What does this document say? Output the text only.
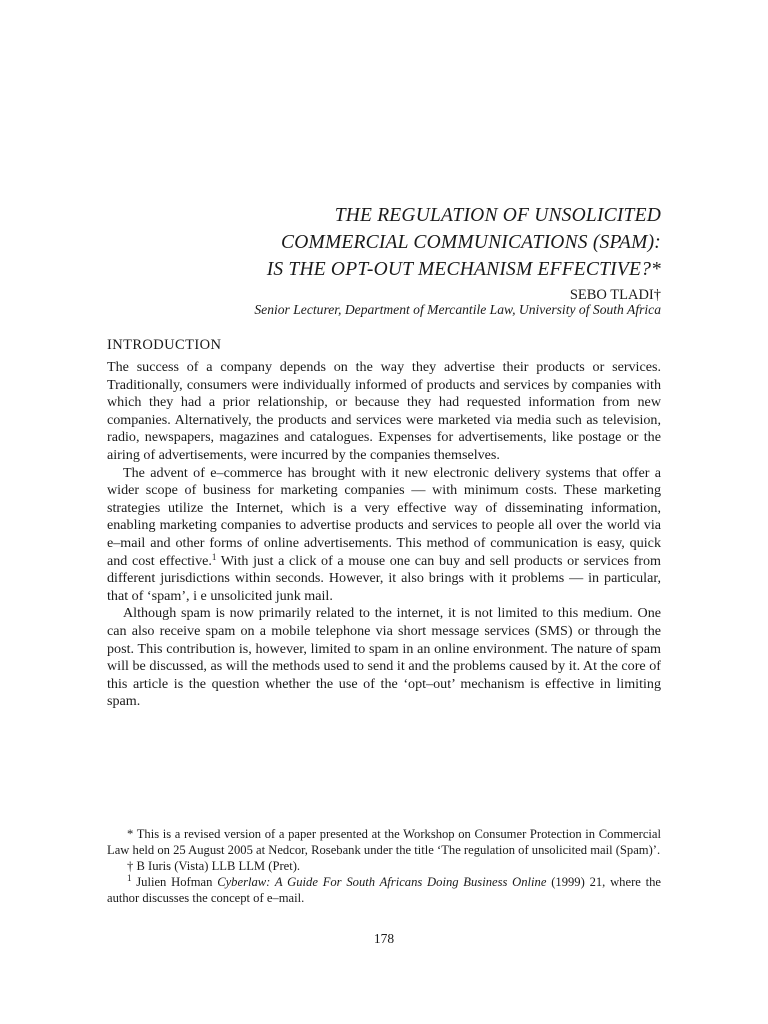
THE REGULATION OF UNSOLICITED
COMMERCIAL COMMUNICATIONS (SPAM):
IS THE OPT-OUT MECHANISM EFFECTIVE?*
SEBO TLADI†
Senior Lecturer, Department of Mercantile Law, University of South Africa
INTRODUCTION

The success of a company depends on the way they advertise their products or services. Traditionally, consumers were individually informed of products and services by companies with which they had a prior relationship, or because they had requested information from new companies. Alternatively, the products and services were marketed via media such as television, radio, newspapers, magazines and catalogues. Expenses for advertisements, like postage or the airing of advertisements, were incurred by the companies themselves.

The advent of e–commerce has brought with it new electronic delivery systems that offer a wider scope of business for marketing companies — with minimum costs. These marketing strategies utilize the Internet, which is a very effective way of disseminating information, enabling marketing companies to advertise products and services to people all over the world via e–mail and other forms of online advertisements. This method of communication is easy, quick and cost effective.$^1$ With just a click of a mouse one can buy and sell products or services from different jurisdictions within seconds. However, it also brings with it problems — in particular, that of ‘spam’, i e unsolicited junk mail.

Although spam is now primarily related to the internet, it is not limited to this medium. One can also receive spam on a mobile telephone via short message services (SMS) or through the post. This contribution is, however, limited to spam in an online environment. The nature of spam will be discussed, as will the methods used to send it and the problems caused by it. At the core of this article is the question whether the use of the ‘opt–out’ mechanism is effective in limiting spam.

* This is a revised version of a paper presented at the Workshop on Consumer Protection in Commercial Law held on 25 August 2005 at Nedcor, Rosebank under the title ‘The regulation of unsolicited mail (Spam)’.

† B Iuris (Vista) LLB LLM (Pret).

$^1$ Julien Hofman Cyberlaw: A Guide For South Africans Doing Business Online (1999) 21, where the author discusses the concept of e–mail.

178
